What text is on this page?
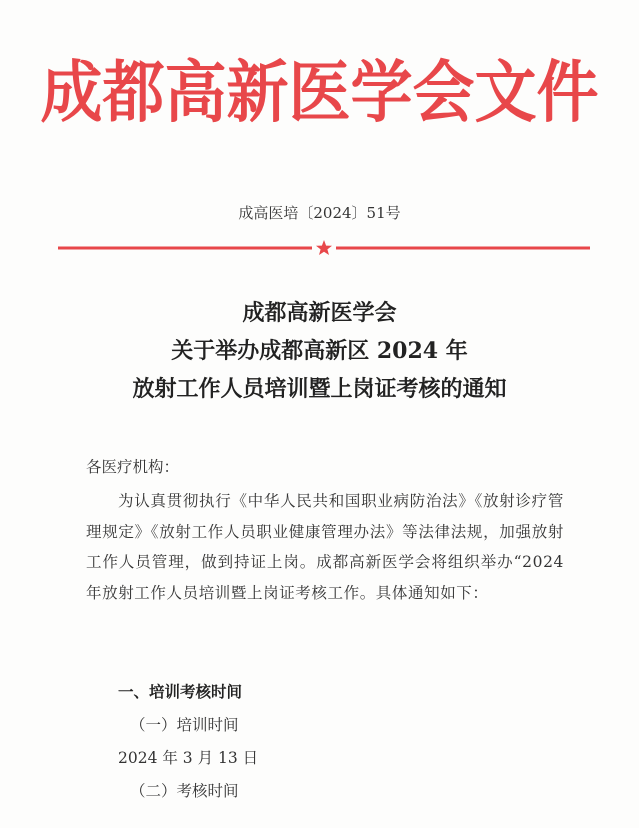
成都高新医学会文件
成高医培〔2024〕51号
成都高新医学会
关于举办成都高新区 2024 年
放射工作人员培训暨上岗证考核的通知
各医疗机构：
为认真贯彻执行《中华人民共和国职业病防治法》《放射诊疗管理规定》《放射工作人员职业健康管理办法》等法律法规，加强放射工作人员管理，做到持证上岗。成都高新医学会将组织举办“2024 年放射工作人员培训暨上岗证考核工作。具体通知如下：
一、培训考核时间
（一）培训时间
2024 年 3 月 13 日
（二）考核时间
